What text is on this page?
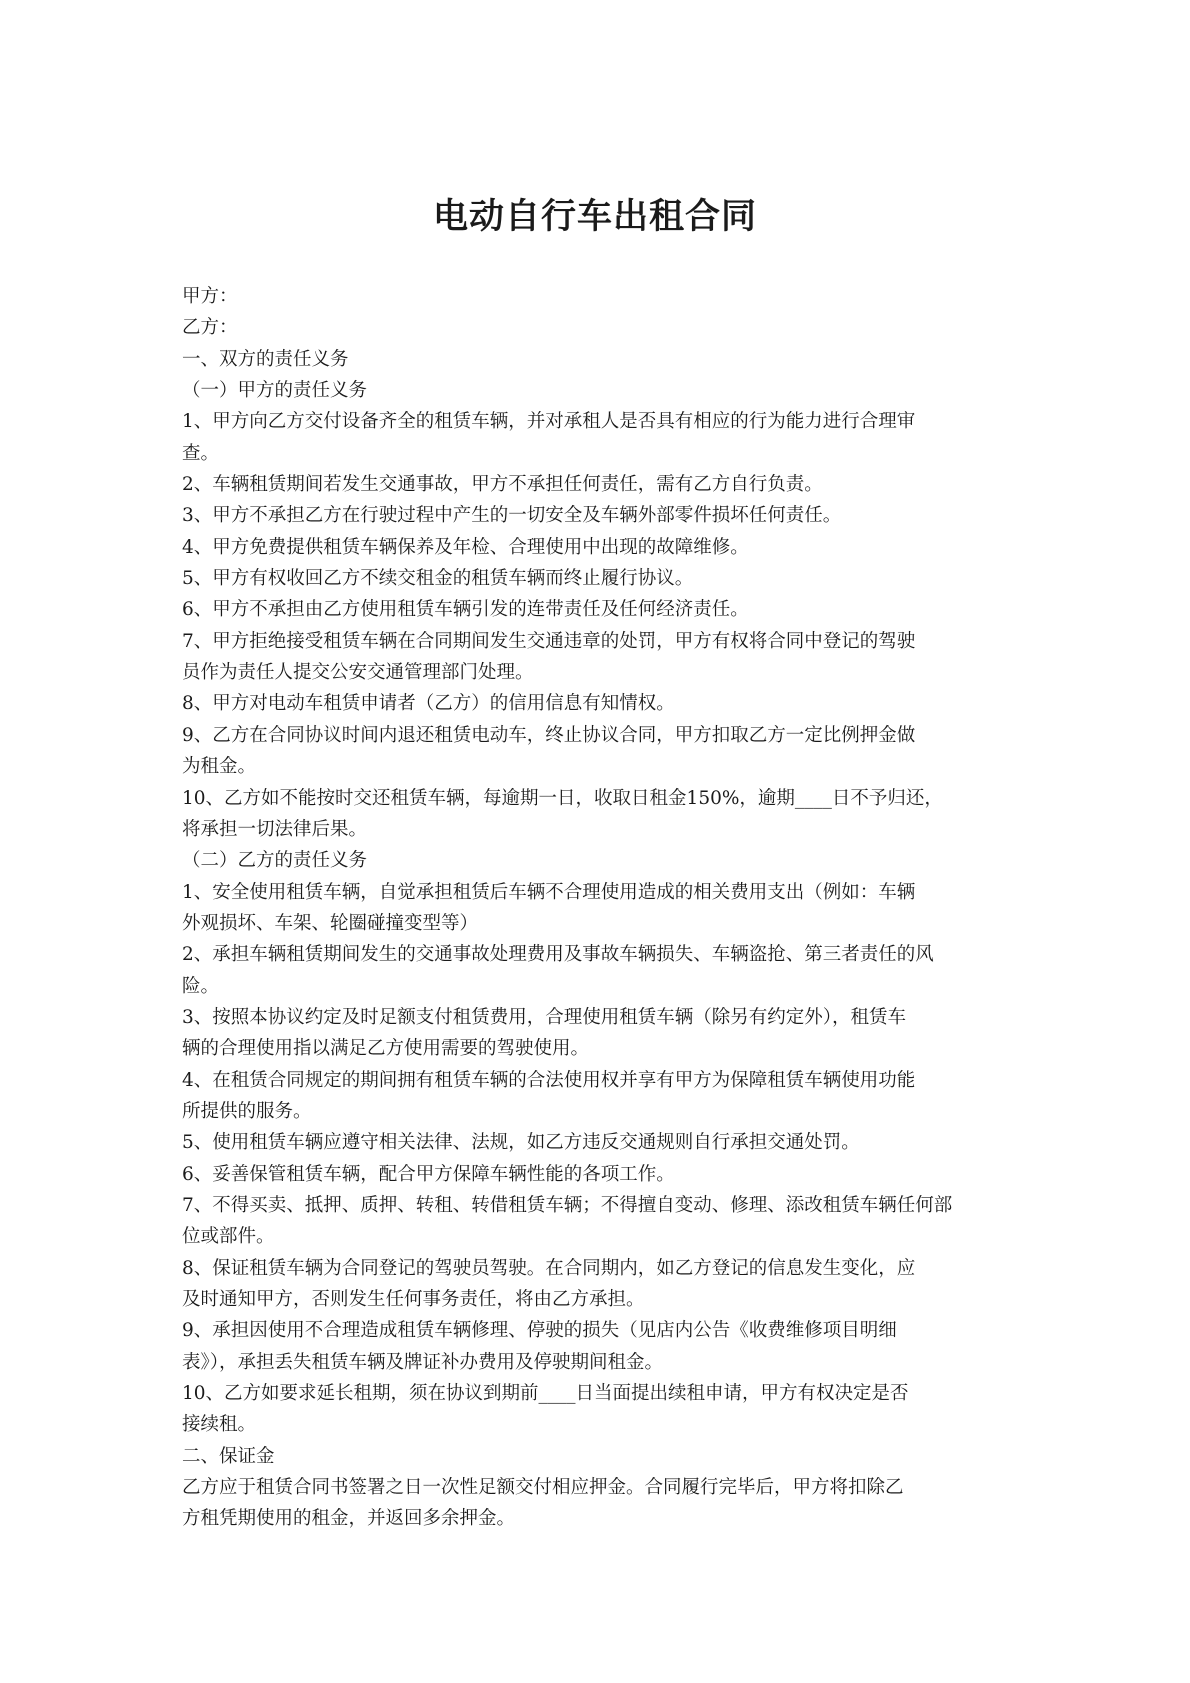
电动自行车出租合同
甲方：
乙方：
一、双方的责任义务
（一）甲方的责任义务
1、甲方向乙方交付设备齐全的租赁车辆，并对承租人是否具有相应的行为能力进行合理审
查。
2、车辆租赁期间若发生交通事故，甲方不承担任何责任，需有乙方自行负责。
3、甲方不承担乙方在行驶过程中产生的一切安全及车辆外部零件损坏任何责任。
4、甲方免费提供租赁车辆保养及年检、合理使用中出现的故障维修。
5、甲方有权收回乙方不续交租金的租赁车辆而终止履行协议。
6、甲方不承担由乙方使用租赁车辆引发的连带责任及任何经济责任。
7、甲方拒绝接受租赁车辆在合同期间发生交通违章的处罚，甲方有权将合同中登记的驾驶
员作为责任人提交公安交通管理部门处理。
8、甲方对电动车租赁申请者（乙方）的信用信息有知情权。
9、乙方在合同协议时间内退还租赁电动车，终止协议合同，甲方扣取乙方一定比例押金做
为租金。
10、乙方如不能按时交还租赁车辆，每逾期一日，收取日租金150%，逾期____日不予归还，
将承担一切法律后果。
（二）乙方的责任义务
1、安全使用租赁车辆，自觉承担租赁后车辆不合理使用造成的相关费用支出（例如：车辆
外观损坏、车架、轮圈碰撞变型等）
2、承担车辆租赁期间发生的交通事故处理费用及事故车辆损失、车辆盗抢、第三者责任的风
险。
3、按照本协议约定及时足额支付租赁费用，合理使用租赁车辆（除另有约定外），租赁车
辆的合理使用指以满足乙方使用需要的驾驶使用。
4、在租赁合同规定的期间拥有租赁车辆的合法使用权并享有甲方为保障租赁车辆使用功能
所提供的服务。
5、使用租赁车辆应遵守相关法律、法规，如乙方违反交通规则自行承担交通处罚。
6、妥善保管租赁车辆，配合甲方保障车辆性能的各项工作。
7、不得买卖、抵押、质押、转租、转借租赁车辆；不得擅自变动、修理、添改租赁车辆任何部
位或部件。
8、保证租赁车辆为合同登记的驾驶员驾驶。在合同期内，如乙方登记的信息发生变化，应
及时通知甲方，否则发生任何事务责任，将由乙方承担。
9、承担因使用不合理造成租赁车辆修理、停驶的损失（见店内公告《收费维修项目明细
表》），承担丢失租赁车辆及牌证补办费用及停驶期间租金。
10、乙方如要求延长租期，须在协议到期前____日当面提出续租申请，甲方有权决定是否
接续租。
二、保证金
乙方应于租赁合同书签署之日一次性足额交付相应押金。合同履行完毕后，甲方将扣除乙
方租凭期使用的租金，并返回多余押金。
